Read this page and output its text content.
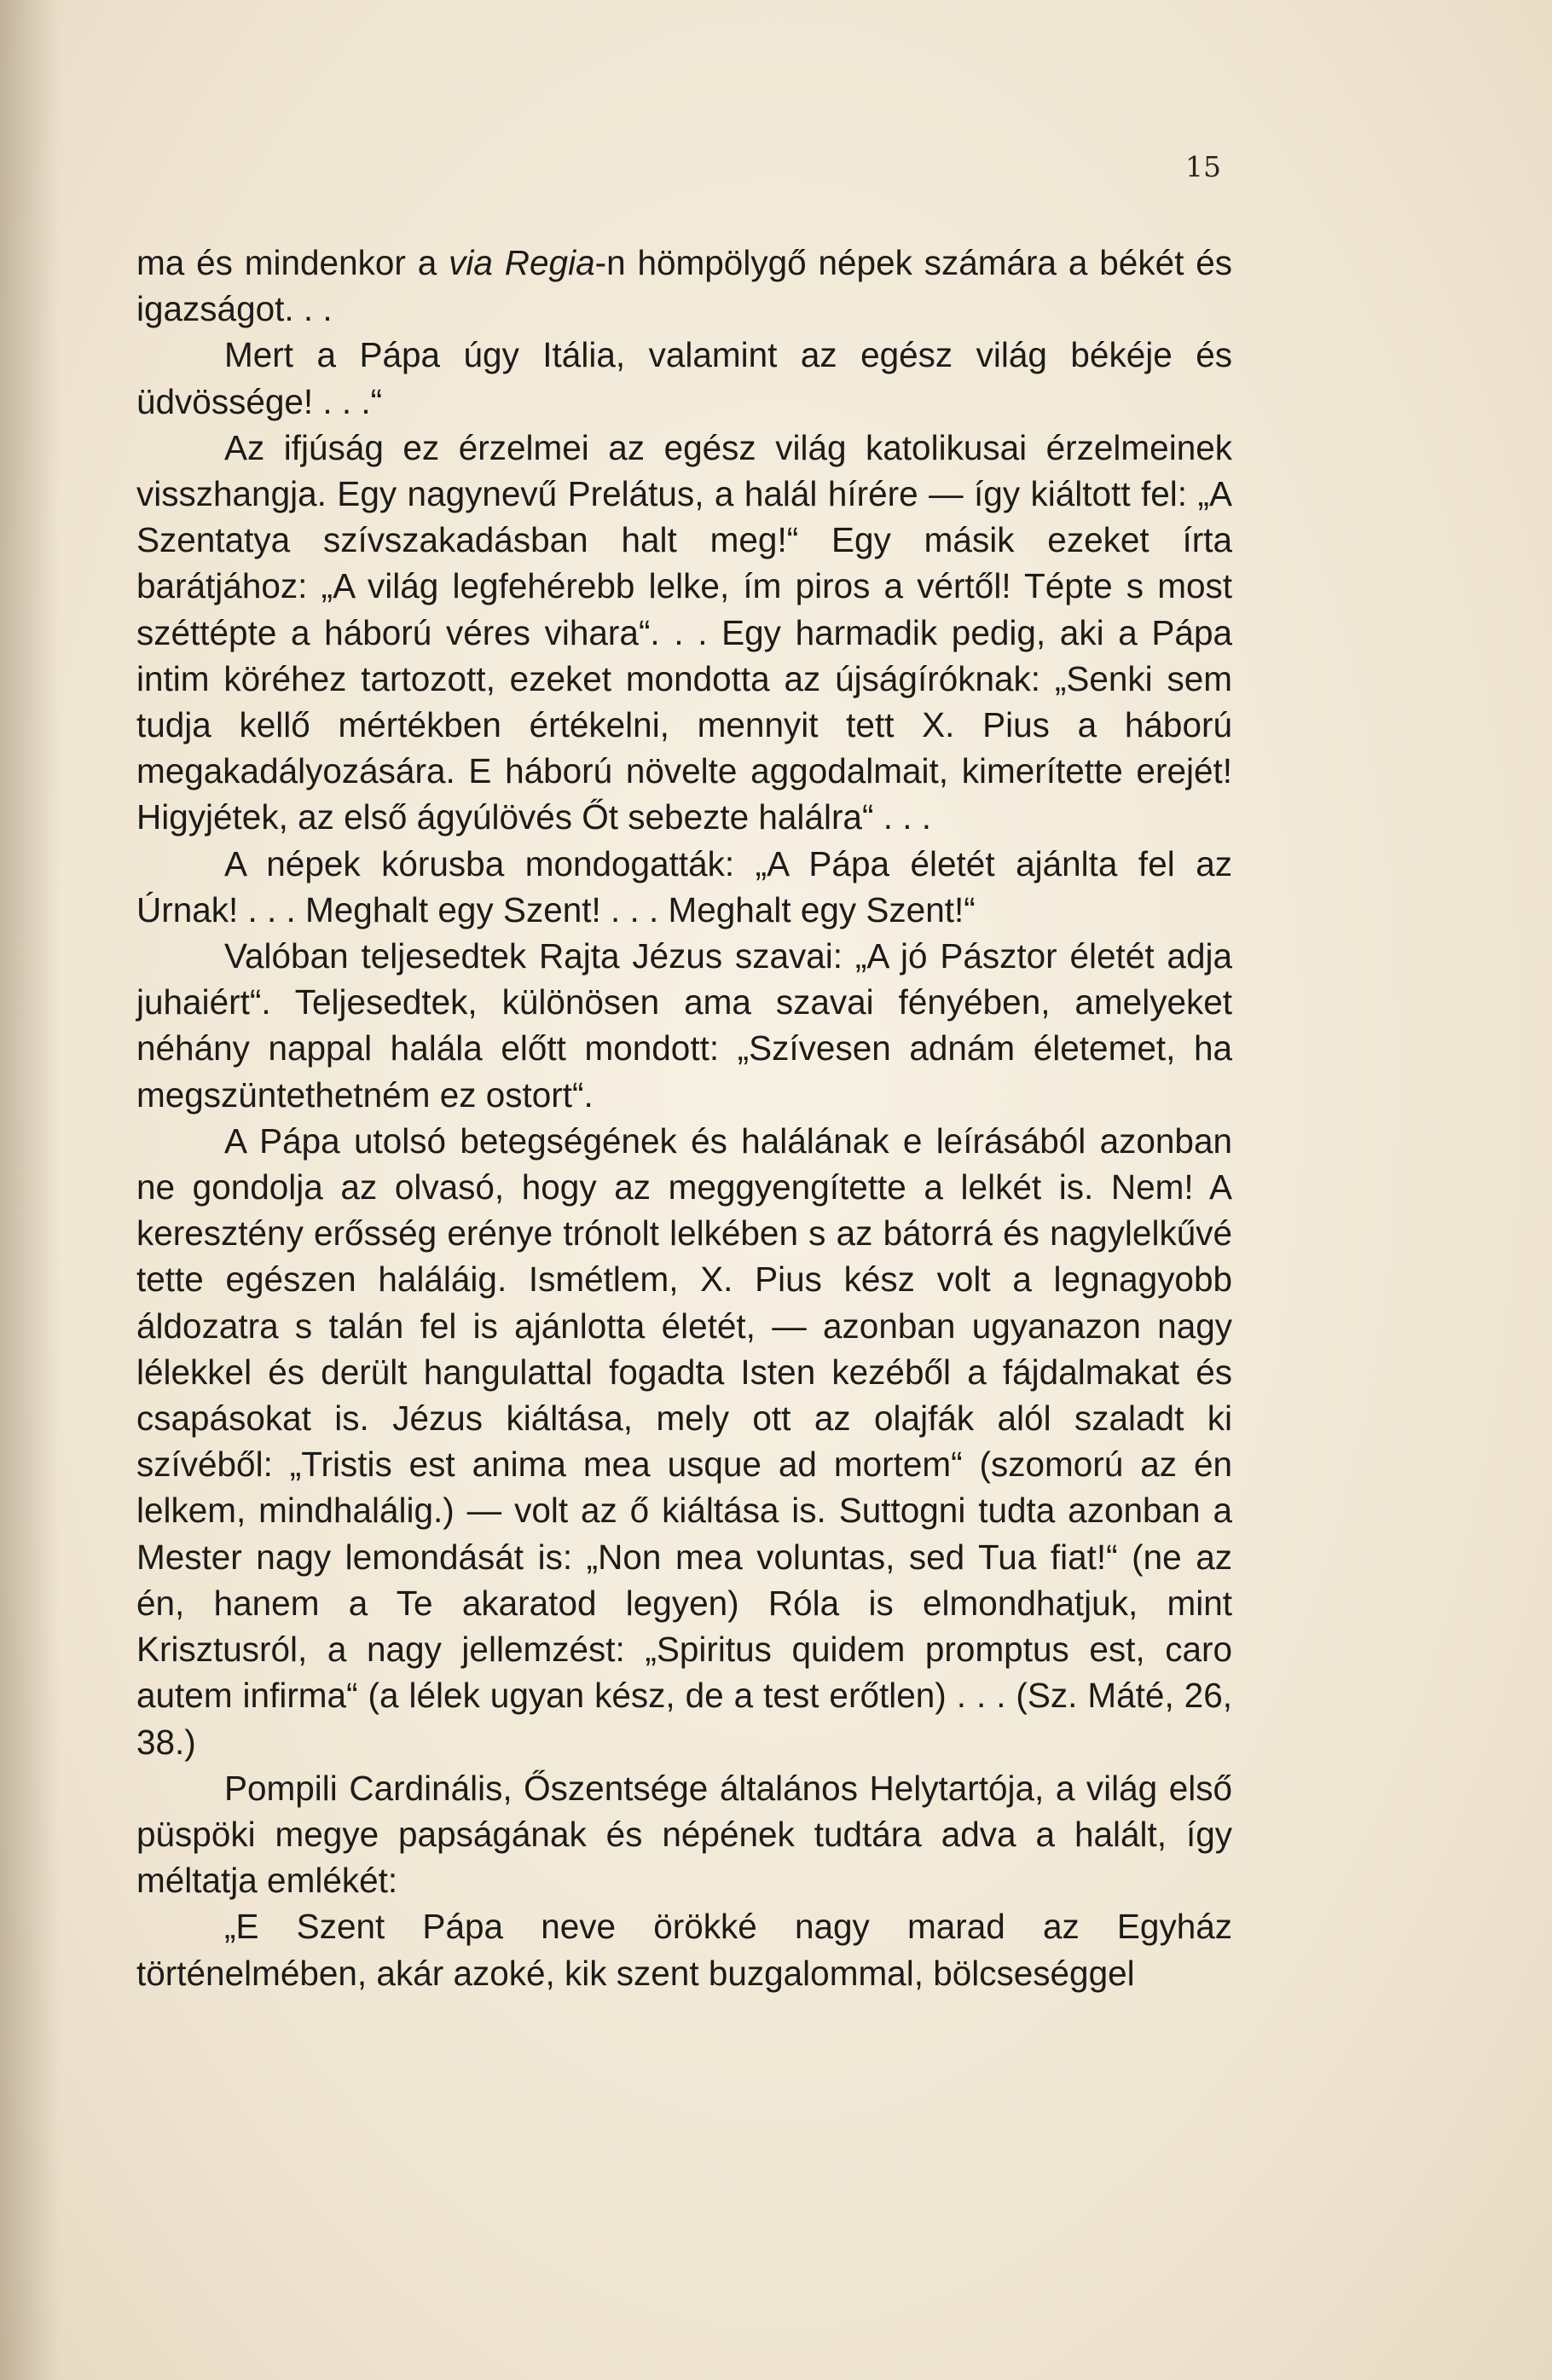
15

ma és mindenkor a via Regia-n hömpölygő népek számára a békét és igazságot. . .

Mert a Pápa úgy Itália, valamint az egész világ békéje és üdvössége! . . .“

Az ifjúság ez érzelmei az egész világ katolikusai érzelmeinek visszhangja. Egy nagynevű Prelátus, a halál hírére — így kiáltott fel: „A Szentatya szívszakadásban halt meg!“ Egy másik ezeket írta barátjához: „A világ legfehérebb lelke, ím piros a vértől! Tépte s most széttépte a háború véres vihara“. . . Egy harmadik pedig, aki a Pápa intim köréhez tartozott, ezeket mondotta az újságíróknak: „Senki sem tudja kellő mértékben értékelni, mennyit tett X. Pius a háború megakadályozására. E háború növelte aggodalmait, kimerítette erejét! Higyjétek, az első ágyúlövés Őt sebezte halálra“ . . .

A népek kórusba mondogatták: „A Pápa életét ajánlta fel az Úrnak! . . . Meghalt egy Szent! . . . Meghalt egy Szent!“

Valóban teljesedtek Rajta Jézus szavai: „A jó Pásztor életét adja juhaiért“. Teljesedtek, különösen ama szavai fényében, amelyeket néhány nappal halála előtt mondott: „Szívesen adnám életemet, ha megszüntethetném ez ostort“.

A Pápa utolsó betegségének és halálának e leírásából azonban ne gondolja az olvasó, hogy az meggyengítette a lelkét is. Nem! A keresztény erősség erénye trónolt lelkében s az bátorrá és nagylelkűvé tette egészen haláláig. Ismétlem, X. Pius kész volt a legnagyobb áldozatra s talán fel is ajánlotta életét, — azonban ugyanazon nagy lélekkel és derült hangulattal fogadta Isten kezéből a fájdalmakat és csapásokat is. Jézus kiáltása, mely ott az olajfák alól szaladt ki szívéből: „Tristis est anima mea usque ad mortem“ (szomorú az én lelkem, mindhalálig.) — volt az ő kiáltása is. Suttogni tudta azonban a Mester nagy lemondását is: „Non mea voluntas, sed Tua fiat!“ (ne az én, hanem a Te akaratod legyen) Róla is elmondhatjuk, mint Krisztusról, a nagy jellemzést: „Spiritus quidem promptus est, caro autem infirma“ (a lélek ugyan kész, de a test erőtlen) . . . (Sz. Máté, 26, 38.)

Pompili Cardinális, Őszentsége általános Helytartója, a világ első püspöki megye papságának és népének tudtára adva a halált, így méltatja emlékét:

„E Szent Pápa neve örökké nagy marad az Egyház történelmében, akár azoké, kik szent buzgalommal, bölcseséggel
